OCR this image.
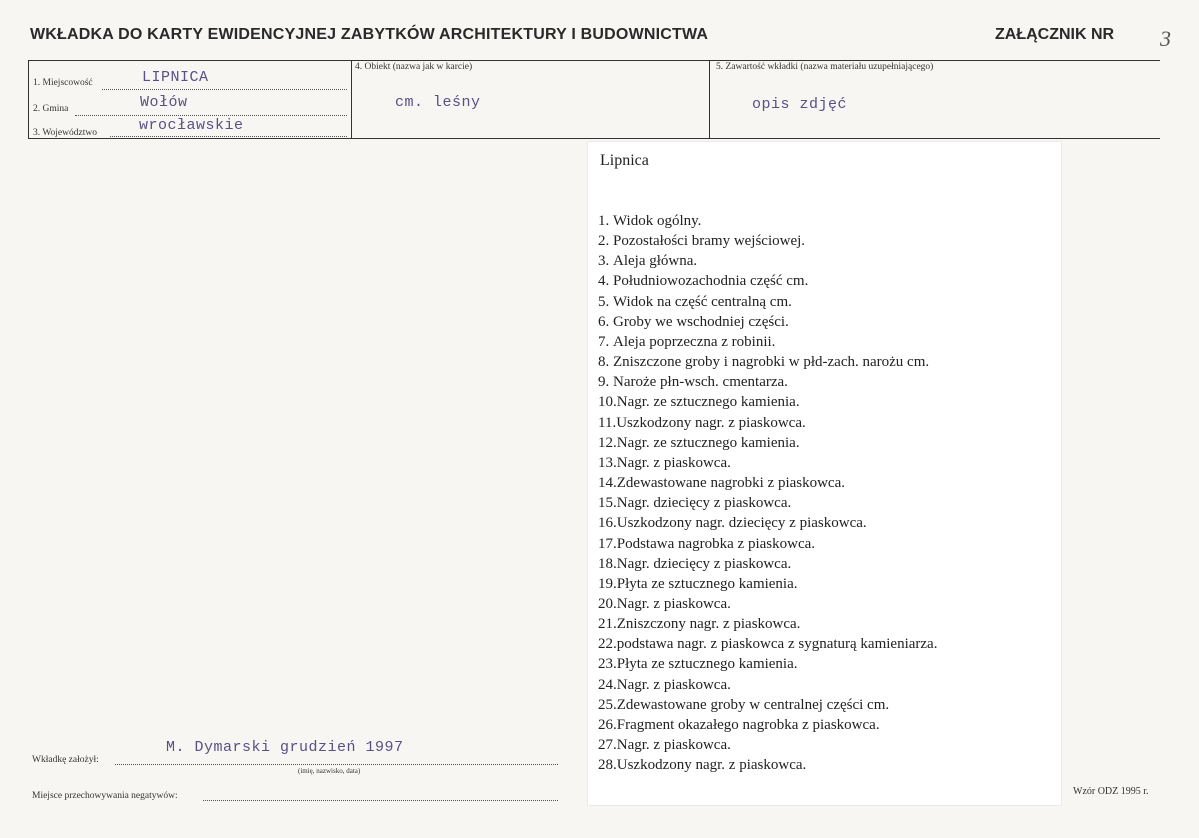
WKŁADKA DO KARTY EWIDENCYJNEJ ZABYTKÓW ARCHITEKTURY I BUDOWNICTWA	ZAŁĄCZNIK NR 3
1. Miejscowość	LIPNICA
2. Gmina	Wołów
3. Województwo	wrocławskie
4. Obiekt (nazwa jak w karcie)
cm. leśny
5. Zawartość wkładki (nazwa materiału uzupełniającego)
opis zdjęć
Lipnica
1. Widok ogólny.
2. Pozostałości bramy wejściowej.
3. Aleja główna.
4. Południowozachodnia część cm.
5. Widok na część centralną cm.
6. Groby we wschodniej części.
7. Aleja poprzeczna z robinii.
8. Zniszczone groby i nagrobki w płd-zach. narożu cm.
9. Naroże płn-wsch. cmentarza.
10.Nagr. ze sztucznego kamienia.
11.Uszkodzony nagr. z piaskowca.
12.Nagr. ze sztucznego kamienia.
13.Nagr. z piaskowca.
14.Zdewastowane nagrobki z piaskowca.
15.Nagr. dziecięcy z piaskowca.
16.Uszkodzony nagr. dziecięcy z piaskowca.
17.Podstawa nagrobka z piaskowca.
18.Nagr. dziecięcy z piaskowca.
19.Płyta ze sztucznego kamienia.
20.Nagr. z piaskowca.
21.Zniszczony nagr. z piaskowca.
22.podstawa nagr. z piaskowca z sygnaturą kamieniarza.
23.Płyta ze sztucznego kamienia.
24.Nagr. z piaskowca.
25.Zdewastowane groby w centralnej części cm.
26.Fragment okazałego nagrobka z piaskowca.
27.Nagr. z piaskowca.
28.Uszkodzony nagr. z piaskowca.
Wkładkę założył:
M. Dymarski grudzień 1997
(imię, nazwisko, data)
Miejsce przechowywania negatywów:	Wzór ODZ 1995 r.
